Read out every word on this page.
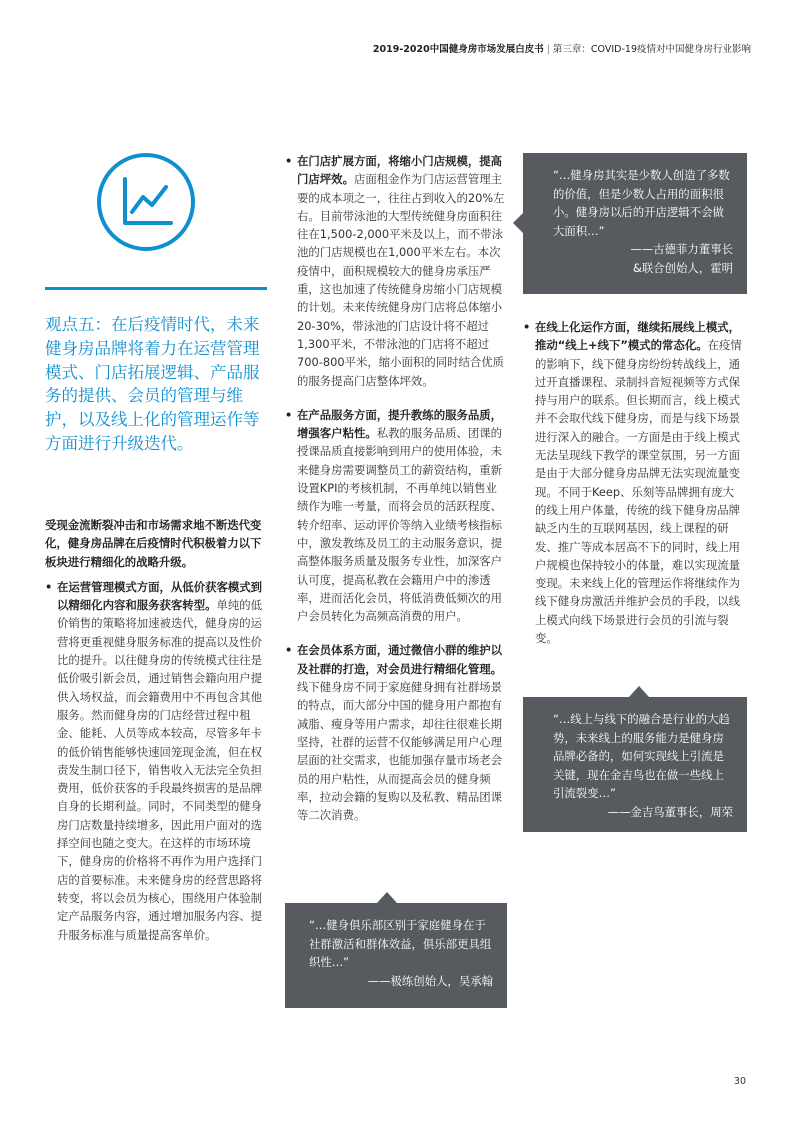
2019-2020中国健身房市场发展白皮书 | 第三章：COVID-19疫情对中国健身房行业影响
观点五：在后疫情时代，未来健身房品牌将着力在运营管理模式、门店拓展逻辑、产品服务的提供、会员的管理与维护，以及线上化的管理运作等方面进行升级迭代。

受现金流断裂冲击和市场需求地不断迭代变化，健身房品牌在后疫情时代积极着力以下板块进行精细化的战略升级。

• 在运营管理模式方面，从低价获客模式到以精细化内容和服务获客转型。单纯的低价销售的策略将加速被迭代，健身房的运营将更重视健身服务标准的提高以及性价比的提升。以往健身房的传统模式往往是低价吸引新会员，通过销售会籍向用户提供入场权益，而会籍费用中不再包含其他服务。然而健身房的门店经营过程中租金、能耗、人员等成本较高，尽管多年卡的低价销售能够快速回笼现金流，但在权责发生制口径下，销售收入无法完全负担费用，低价获客的手段最终损害的是品牌自身的长期利益。同时，不同类型的健身房门店数量持续增多，因此用户面对的选择空间也随之变大。在这样的市场环境下，健身房的价格将不再作为用户选择门店的首要标准。未来健身房的经营思路将转变，将以会员为核心，围绕用户体验制定产品服务内容，通过增加服务内容、提升服务标准与质量提高客单价。
• 在门店扩展方面，将缩小门店规模，提高门店坪效。店面租金作为门店运营管理主要的成本项之一，往往占到收入的20%左右。目前带泳池的大型传统健身房面积往往在1,500-2,000平米及以上，而不带泳池的门店规模也在1,000平米左右。本次疫情中，面积规模较大的健身房承压严重，这也加速了传统健身房缩小门店规模的计划。未来传统健身房门店将总体缩小20-30%，带泳池的门店设计将不超过1,300平米，不带泳池的门店将不超过700-800平米，缩小面积的同时结合优质的服务提高门店整体坪效。
• 在产品服务方面，提升教练的服务品质，增强客户粘性。私教的服务品质、团课的授课品质直接影响到用户的使用体验，未来健身房需要调整员工的薪资结构，重新设置KPI的考核机制，不再单纯以销售业绩作为唯一考量，而将会员的活跃程度、转介绍率、运动评价等纳入业绩考核指标中，激发教练及员工的主动服务意识，提高整体服务质量及服务专业性，加深客户认可度，提高私教在会籍用户中的渗透率，进而活化会员，将低消费低频次的用户会员转化为高频高消费的用户。
• 在会员体系方面，通过微信小群的维护以及社群的打造，对会员进行精细化管理。线下健身房不同于家庭健身拥有社群场景的特点，而大部分中国的健身用户都抱有减脂、瘦身等用户需求，却往往很难长期坚持，社群的运营不仅能够满足用户心理层面的社交需求，也能加强存量市场老会员的用户粘性，从而提高会员的健身频率，拉动会籍的复购以及私教、精品团课等二次消费。
• 在线上化运作方面，继续拓展线上模式，推动“线上+线下”模式的常态化。在疫情的影响下，线下健身房纷纷转战线上，通过开直播课程、录制抖音短视频等方式保持与用户的联系。但长期而言，线上模式并不会取代线下健身房，而是与线下场景进行深入的融合。一方面是由于线上模式无法呈现线下教学的课堂氛围，另一方面是由于大部分健身房品牌无法实现流量变现。不同于Keep、乐刻等品牌拥有庞大的线上用户体量，传统的线下健身房品牌缺乏内生的互联网基因，线上课程的研发、推广等成本居高不下的同时，线上用户规模也保持较小的体量，难以实现流量变现。未来线上化的管理运作将继续作为线下健身房激活并维护会员的手段，以线上模式向线下场景进行会员的引流与裂变。
“…健身房其实是少数人创造了多数的价值，但是少数人占用的面积很小。健身房以后的开店逻辑不会做大面积…”
——古德菲力董事长
&联合创始人，霍明
“…线上与线下的融合是行业的大趋势，未来线上的服务能力是健身房品牌必备的，如何实现线上引流是关键，现在金吉鸟也在做一些线上引流裂变…”
——金吉鸟董事长，周荣
“…健身俱乐部区别于家庭健身在于社群激活和群体效益，俱乐部更具组织性…”
——极练创始人，吴承翰
30
